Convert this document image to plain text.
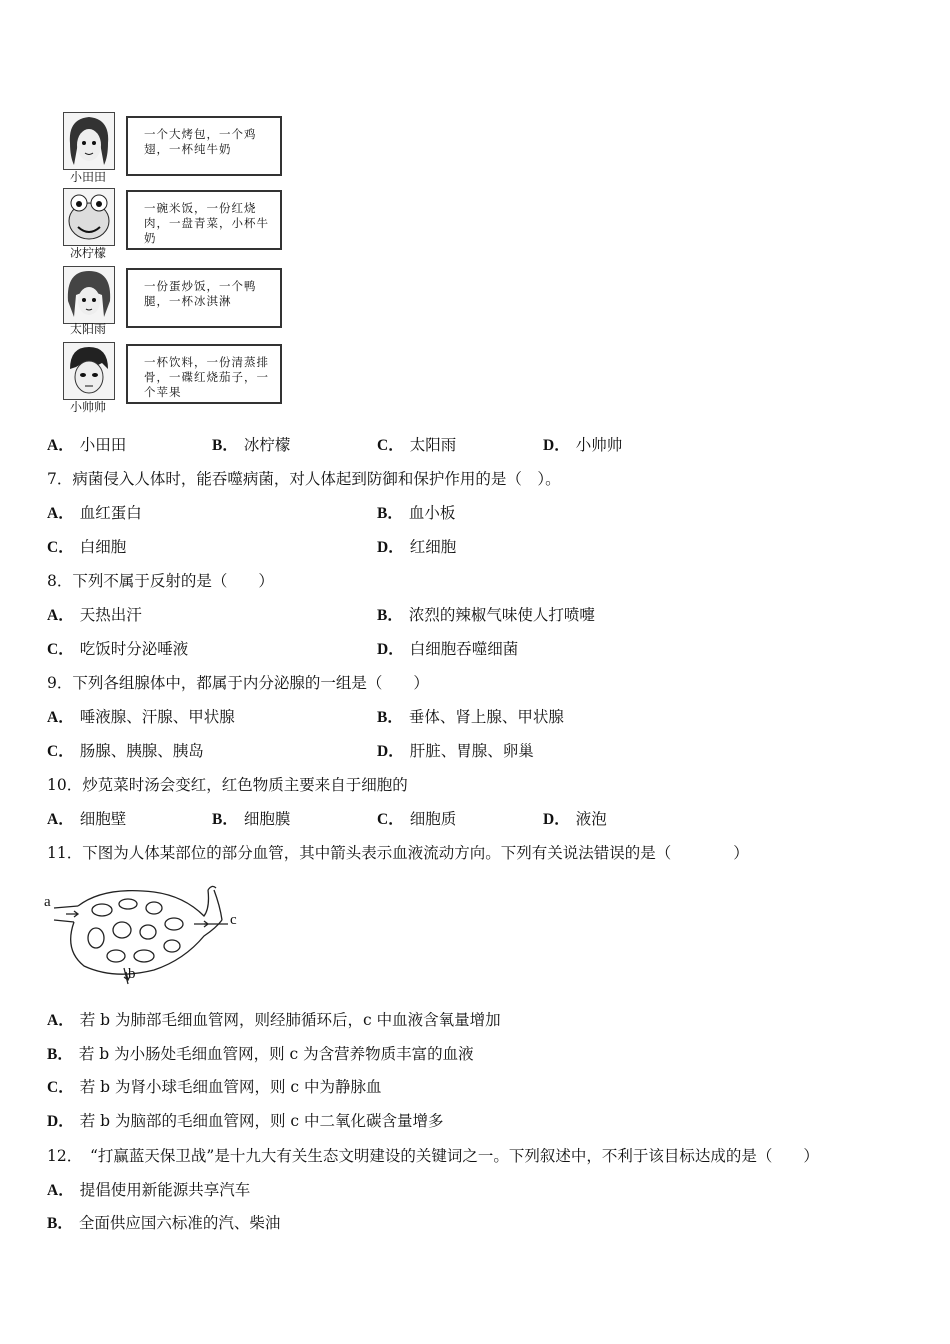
小田田
一个大烤包，一个鸡翅，一杯纯牛奶
冰柠檬
一碗米饭，一份红烧肉，一盘青菜，小杯牛奶
太阳雨
一份蛋炒饭，一个鸭腿，一杯冰淇淋
小帅帅
一杯饮料，一份清蒸排骨，一碟红烧茄子，一个苹果
A． 小田田	B． 冰柠檬	C． 太阳雨	D． 小帅帅
7．病菌侵入人体时，能吞噬病菌，对人体起到防御和保护作用的是（　）。
A． 血红蛋白	B． 血小板
C． 白细胞	D． 红细胞
8．下列不属于反射的是（　　）
A． 天热出汗	B． 浓烈的辣椒气味使人打喷嚏
C． 吃饭时分泌唾液	D． 白细胞吞噬细菌
9．下列各组腺体中，都属于内分泌腺的一组是（　　）
A． 唾液腺、汗腺、甲状腺	B． 垂体、肾上腺、甲状腺
C． 肠腺、胰腺、胰岛	D． 肝脏、胃腺、卵巢
10．炒苋菜时汤会变红，红色物质主要来自于细胞的
A． 细胞壁	B． 细胞膜	C． 细胞质	D． 液泡
11．下图为人体某部位的部分血管，其中箭头表示血液流动方向。下列有关说法错误的是（　　　　）
a
c
b
A． 若 b 为肺部毛细血管网，则经肺循环后，c 中血液含氧量增加
B． 若 b 为小肠处毛细血管网，则 c 为含营养物质丰富的血液
C． 若 b 为肾小球毛细血管网，则 c 中为静脉血
D． 若 b 为脑部的毛细血管网，则 c 中二氧化碳含量增多
12．　“打赢蓝天保卫战”是十九大有关生态文明建设的关键词之一。下列叙述中，不利于该目标达成的是（　　）
A． 提倡使用新能源共享汽车
B． 全面供应国六标准的汽、柴油
